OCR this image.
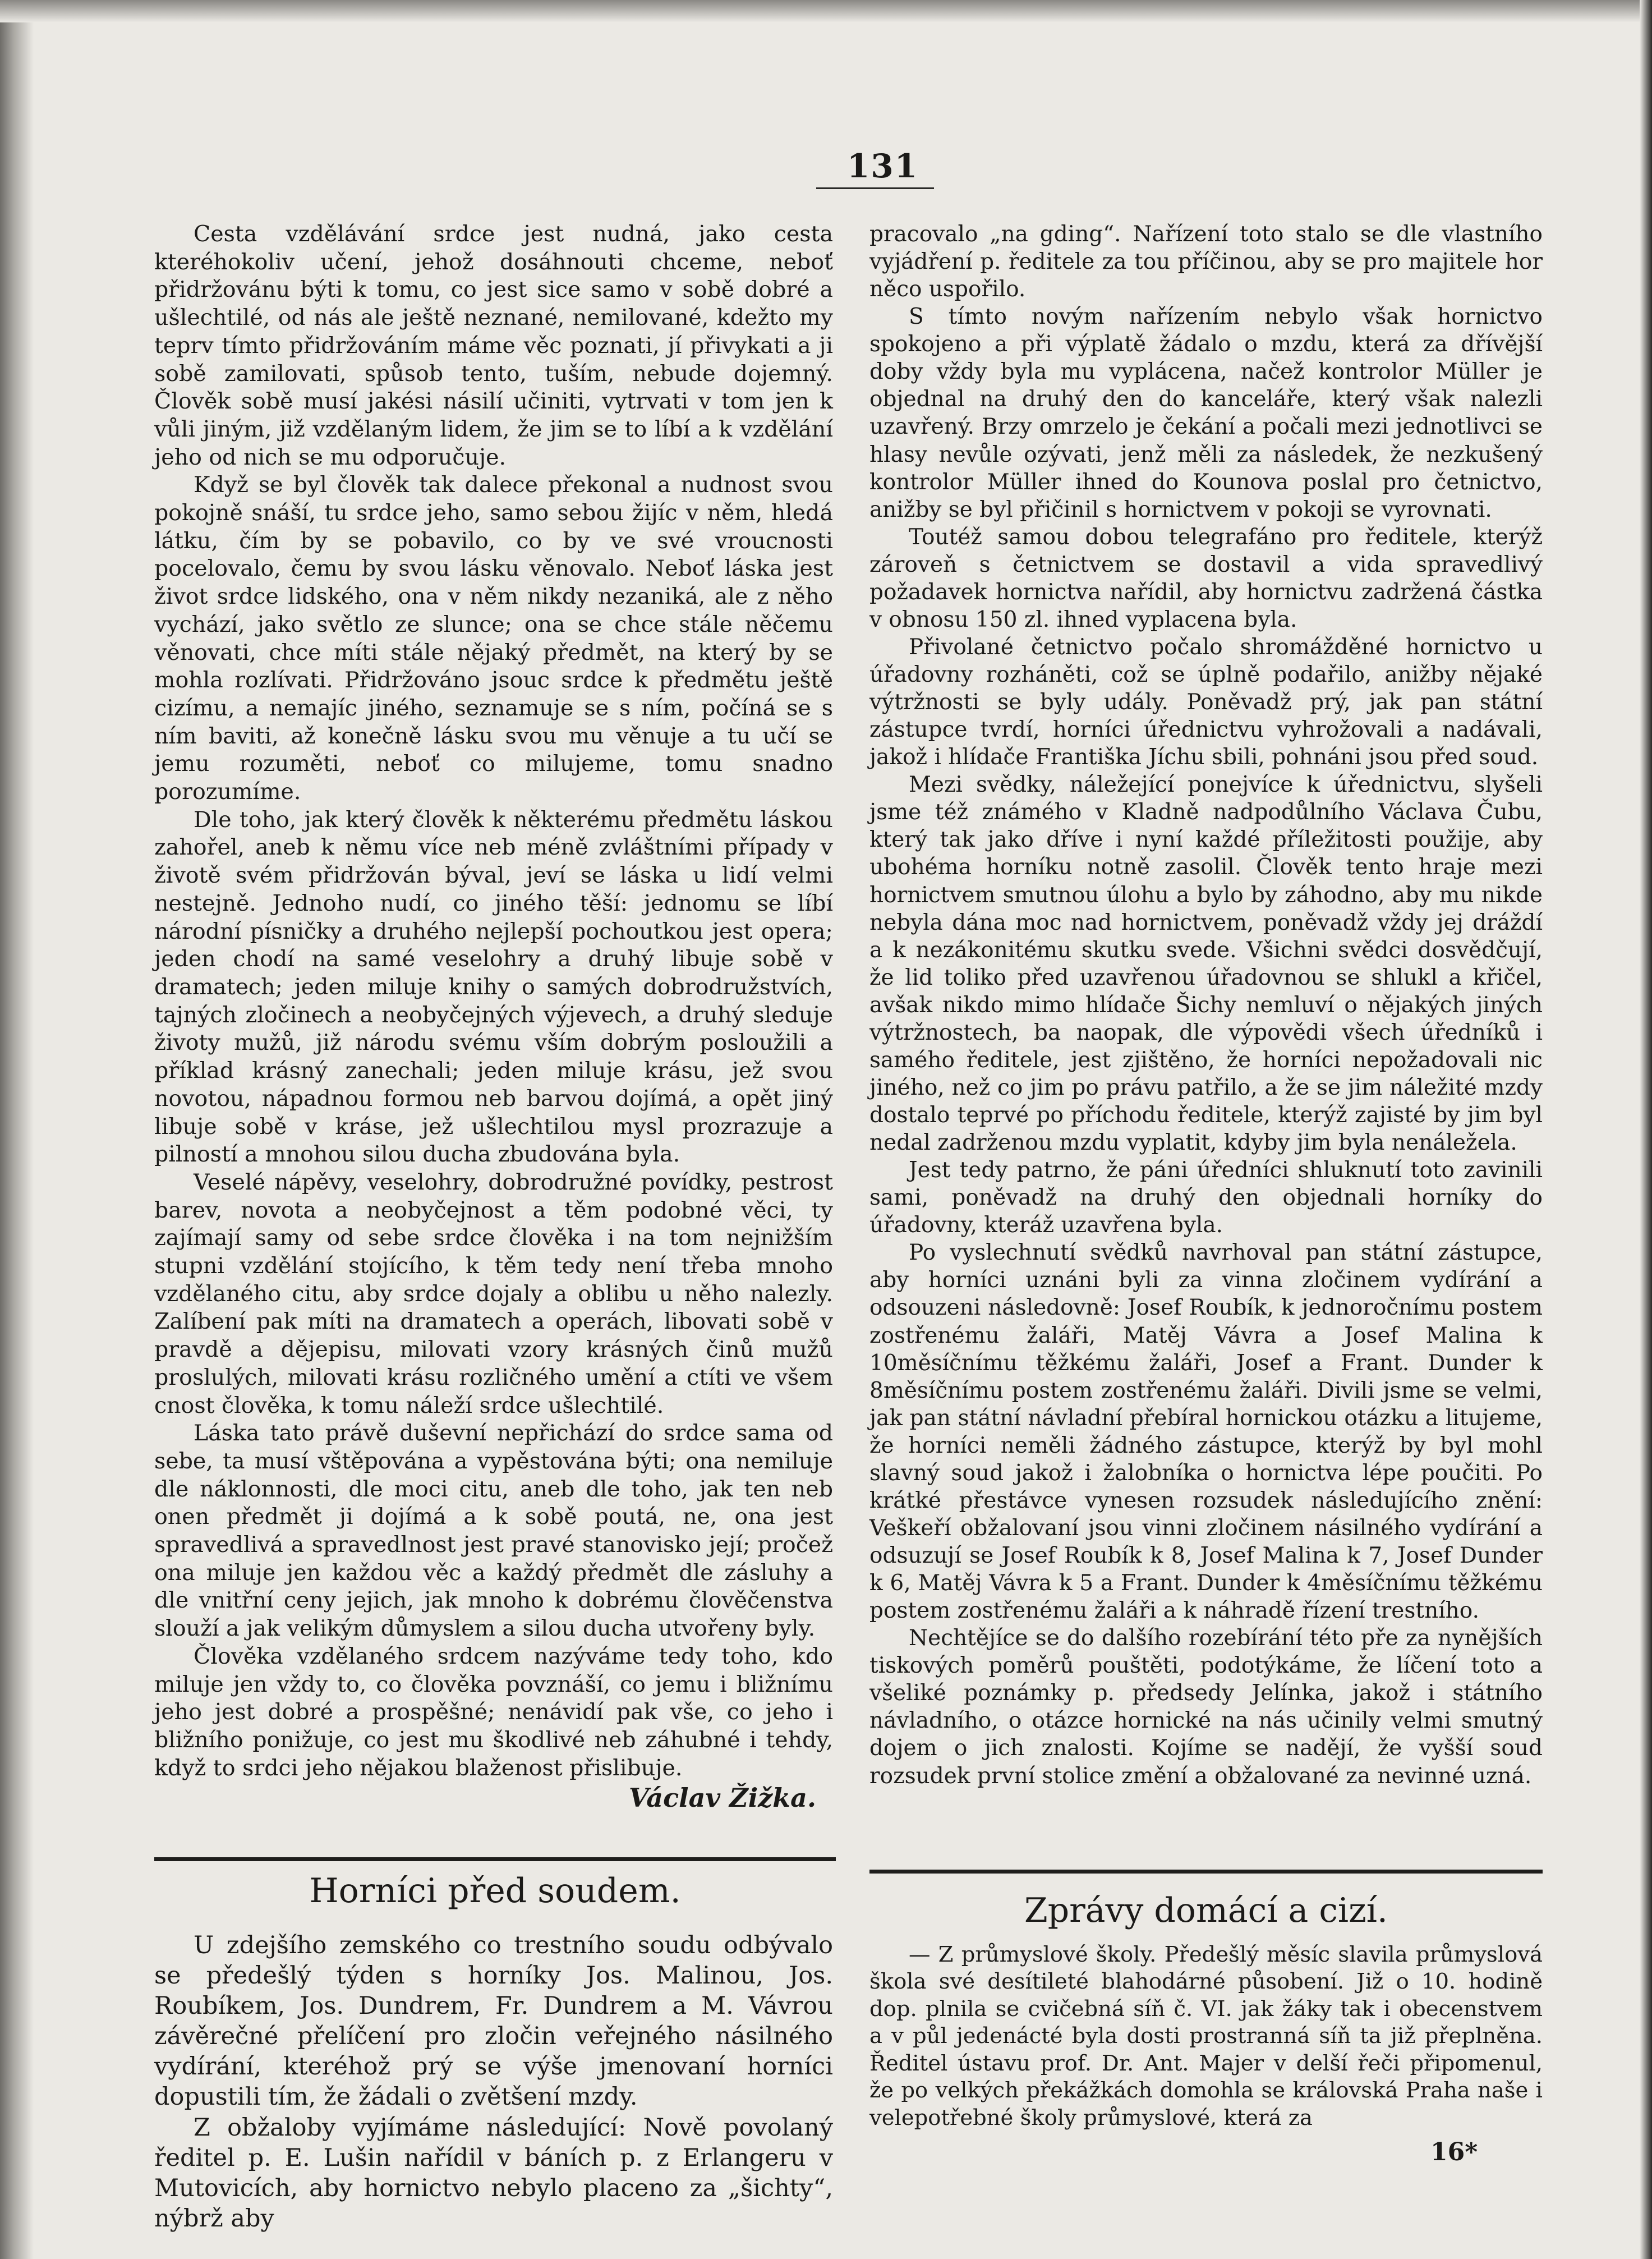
131

Cesta vzdělávání srdce jest nudná, jako cesta kteréhokoliv učení, jehož dosáhnouti chceme, neboť přidržovánu býti k tomu, co jest sice samo v sobě dobré a ušlechtilé, od nás ale ještě neznané, nemilované, kdežto my teprv tímto přidržováním máme věc poznati, jí přivykati a ji sobě zamilovati, spůsob tento, tuším, nebude dojemný. Člověk sobě musí jakési násilí učiniti, vytrvati v tom jen k vůli jiným, již vzdělaným lidem, že jim se to líbí a k vzdělání jeho od nich se mu odporučuje.

Když se byl člověk tak dalece překonal a nudnost svou pokojně snáší, tu srdce jeho, samo sebou žijíc v něm, hledá látku, čím by se pobavilo, co by ve své vroucnosti pocelovalo, čemu by svou lásku věnovalo. Neboť láska jest život srdce lidského, ona v něm nikdy nezaniká, ale z něho vychází, jako světlo ze slunce; ona se chce stále něčemu věnovati, chce míti stále nějaký předmět, na který by se mohla rozlívati. Přidržováno jsouc srdce k předmětu ještě cizímu, a nemajíc jiného, seznamuje se s ním, počíná se s ním baviti, až konečně lásku svou mu věnuje a tu učí se jemu rozuměti, neboť co milujeme, tomu snadno porozumíme.

Dle toho, jak který člověk k některému předmětu láskou zahořel, aneb k němu více neb méně zvláštními případy v životě svém přidržován býval, jeví se láska u lidí velmi nestejně. Jednoho nudí, co jiného těší: jednomu se líbí národní písničky a druhého nejlepší pochoutkou jest opera; jeden chodí na samé veselohry a druhý libuje sobě v dramatech; jeden miluje knihy o samých dobrodružstvích, tajných zločinech a neobyčejných výjevech, a druhý sleduje životy mužů, již národu svému vším dobrým posloužili a příklad krásný zanechali; jeden miluje krásu, jež svou novotou, nápadnou formou neb barvou dojímá, a opět jiný libuje sobě v kráse, jež ušlechtilou mysl prozrazuje a pilností a mnohou silou ducha zbudována byla.

Veselé nápěvy, veselohry, dobrodružné povídky, pestrost barev, novota a neobyčejnost a těm podobné věci, ty zajímají samy od sebe srdce člověka i na tom nejnižším stupni vzdělání stojícího, k těm tedy není třeba mnoho vzdělaného citu, aby srdce dojaly a oblibu u něho nalezly. Zalíbení pak míti na dramatech a operách, libovati sobě v pravdě a dějepisu, milovati vzory krásných činů mužů proslulých, milovati krásu rozličného umění a ctíti ve všem cnost člověka, k tomu náleží srdce ušlechtilé.

Láska tato právě duševní nepřichází do srdce sama od sebe, ta musí vštěpována a vypěstována býti; ona nemiluje dle náklonnosti, dle moci citu, aneb dle toho, jak ten neb onen předmět ji dojímá a k sobě poutá, ne, ona jest spravedlivá a spravedlnost jest pravé stanovisko její; pročež ona miluje jen každou věc a každý předmět dle zásluhy a dle vnitřní ceny jejich, jak mnoho k dobrému člověčenstva slouží a jak velikým důmyslem a silou ducha utvořeny byly.

Člověka vzdělaného srdcem nazýváme tedy toho, kdo miluje jen vždy to, co člověka povznáší, co jemu i bližnímu jeho jest dobré a prospěšné; nenávidí pak vše, co jeho i bližního ponižuje, co jest mu škodlivé neb záhubné i tehdy, když to srdci jeho nějakou blaženost přislibuje.

Václav Žižka.
Horníci před soudem.

U zdejšího zemského co trestního soudu odbývalo se předešlý týden s horníky Jos. Malinou, Jos. Roubíkem, Jos. Dundrem, Fr. Dundrem a M. Vávrou závěrečné přelíčení pro zločin veřejného násilného vydírání, kteréhož prý se výše jmenovaní horníci dopustili tím, že žádali o zvětšení mzdy.

Z obžaloby vyjímáme následující: Nově povolaný ředitel p. E. Lušin nařídil v báních p. z Erlangeru v Mutovicích, aby hornictvo nebylo placeno za „šichty“, nýbrž aby

pracovalo „na gding“. Nařízení toto stalo se dle vlastního vyjádření p. ředitele za tou příčinou, aby se pro majitele hor něco uspořilo.

S tímto novým nařízením nebylo však hornictvo spokojeno a při výplatě žádalo o mzdu, která za dřívější doby vždy byla mu vyplácena, načež kontrolor Müller je objednal na druhý den do kanceláře, který však nalezli uzavřený. Brzy omrzelo je čekání a počali mezi jednotlivci se hlasy nevůle ozývati, jenž měli za následek, že nezkušený kontrolor Müller ihned do Kounova poslal pro četnictvo, anižby se byl přičinil s hornictvem v pokoji se vyrovnati.

Toutéž samou dobou telegrafáno pro ředitele, kterýž zároveň s četnictvem se dostavil a vida spravedlivý požadavek hornictva nařídil, aby hornictvu zadržená částka v obnosu 150 zl. ihned vyplacena byla.

Přivolané četnictvo počalo shromážděné hornictvo u úřadovny rozháněti, což se úplně podařilo, anižby nějaké výtržnosti se byly udály. Poněvadž prý, jak pan státní zástupce tvrdí, horníci úřednictvu vyhrožovali a nadávali, jakož i hlídače Františka Jíchu sbili, pohnáni jsou před soud.

Mezi svědky, náležející ponejvíce k úřednictvu, slyšeli jsme též známého v Kladně nadpodůlního Václava Čubu, který tak jako dříve i nyní každé příležitosti použije, aby ubohéma horníku notně zasolil. Člověk tento hraje mezi hornictvem smutnou úlohu a bylo by záhodno, aby mu nikde nebyla dána moc nad hornictvem, poněvadž vždy jej dráždí a k nezákonitému skutku svede. Všichni svědci dosvědčují, že lid toliko před uzavřenou úřadovnou se shlukl a křičel, avšak nikdo mimo hlídače Šichy nemluví o nějakých jiných výtržnostech, ba naopak, dle výpovědi všech úředníků i samého ředitele, jest zjištěno, že horníci nepožadovali nic jiného, než co jim po právu patřilo, a že se jim náležité mzdy dostalo teprvé po příchodu ředitele, kterýž zajisté by jim byl nedal zadrženou mzdu vyplatit, kdyby jim byla nenáležela.

Jest tedy patrno, že páni úředníci shluknutí toto zavinili sami, poněvadž na druhý den objednali horníky do úřadovny, kteráž uzavřena byla.

Po vyslechnutí svědků navrhoval pan státní zástupce, aby horníci uznáni byli za vinna zločinem vydírání a odsouzeni následovně: Josef Roubík, k jednoročnímu postem zostřenému žaláři, Matěj Vávra a Josef Malina k 10měsíčnímu těžkému žaláři, Josef a Frant. Dunder k 8měsíčnímu postem zostřenému žaláři. Divili jsme se velmi, jak pan státní návladní přebíral hornickou otázku a litujeme, že horníci neměli žádného zástupce, kterýž by byl mohl slavný soud jakož i žalobníka o hornictva lépe poučiti. Po krátké přestávce vynesen rozsudek následujícího znění: Veškeří obžalovaní jsou vinni zločinem násilného vydírání a odsuzují se Josef Roubík k 8, Josef Malina k 7, Josef Dunder k 6, Matěj Vávra k 5 a Frant. Dunder k 4měsíčnímu těžkému postem zostřenému žaláři a k náhradě řízení trestního.

Nechtějíce se do dalšího rozebírání této pře za nynějších tiskových poměrů pouštěti, podotýkáme, že líčení toto a všeliké poznámky p. předsedy Jelínka, jakož i státního návladního, o otázce hornické na nás učinily velmi smutný dojem o jich znalosti. Kojíme se nadějí, že vyšší soud rozsudek první stolice změní a obžalované za nevinné uzná.

Zprávy domácí a cizí.

— Z průmyslové školy. Předešlý měsíc slavila průmyslová škola své desítileté blahodárné působení. Již o 10. hodině dop. plnila se cvičebná síň č. VI. jak žáky tak i obecenstvem a v půl jedenácté byla dosti prostranná síň ta již přeplněna. Ředitel ústavu prof. Dr. Ant. Majer v delší řeči připomenul, že po velkých překážkách domohla se královská Praha naše i velepotřebné školy průmyslové, která za

16*
